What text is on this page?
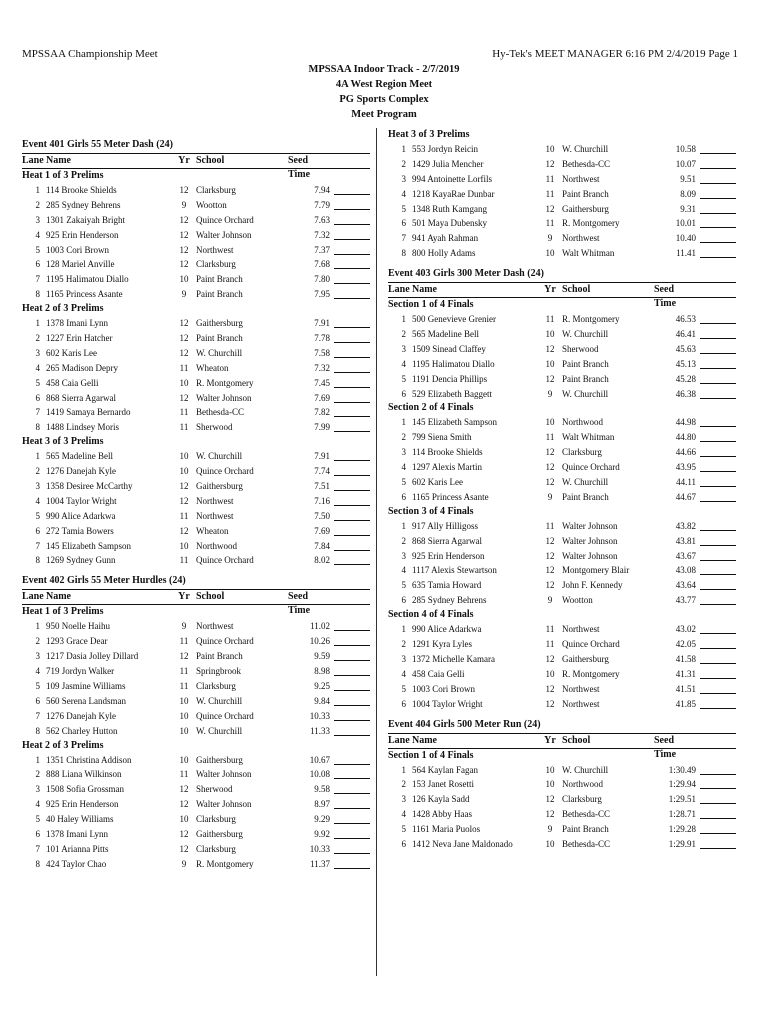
MPSSAA Championship Meet	Hy-Tek's MEET MANAGER 6:16 PM 2/4/2019 Page 1
MPSSAA Indoor Track - 2/7/2019
4A West Region Meet
PG Sports Complex
Meet Program
Event 401 Girls 55 Meter Dash (24)
Lane Name	Yr School	Seed Time
Heat 1 of 3 Prelims
1 114 Brooke Shields	12 Clarksburg	7.94
2 285 Sydney Behrens	9	Wootton	7.79
3 1301 Zakaiyah Bright	12 Quince Orchard	7.63
4 925 Erin Henderson	12 Walter Johnson	7.32
5 1003 Cori Brown	12 Northwest	7.37
6 128 Mariel Anville	12 Clarksburg	7.68
7 1195 Halimatou Diallo	10 Paint Branch	7.80
8 1165 Princess Asante	9	Paint Branch	7.95
Heat 2 of 3 Prelims
1 1378 Imani Lynn	12 Gaithersburg	7.91
2 1227 Erin Hatcher	12 Paint Branch	7.78
3 602 Karis Lee	12 W. Churchill	7.58
4 265 Madison Depry	11 Wheaton	7.32
5 458 Caia Gelli	10 R. Montgomery	7.45
6 868 Sierra Agarwal	12 Walter Johnson	7.69
7 1419 Samaya Bernardo	11 Bethesda-CC	7.82
8 1488 Lindsey Moris	11 Sherwood	7.99
Heat 3 of 3 Prelims
1 565 Madeline Bell	10 W. Churchill	7.91
2 1276 Danejah Kyle	10 Quince Orchard	7.74
3 1358 Desiree McCarthy	12 Gaithersburg	7.51
4 1004 Taylor Wright	12 Northwest	7.16
5 990 Alice Adarkwa	11 Northwest	7.50
6 272 Tamia Bowers	12 Wheaton	7.69
7 145 Elizabeth Sampson	10 Northwood	7.84
8 1269 Sydney Gunn	11 Quince Orchard	8.02
Event 402 Girls 55 Meter Hurdles (24)
Lane Name	Yr School	Seed Time
Heat 1 of 3 Prelims
1 950 Noelle Haihu	9	Northwest	11.02
2 1293 Grace Dear	11 Quince Orchard	10.26
3 1217 Dasia Jolley Dillard	12 Paint Branch	9.59
4 719 Jordyn Walker	11 Springbrook	8.98
5 109 Jasmine Williams	11 Clarksburg	9.25
6 560 Serena Landsman	10 W. Churchill	9.84
7 1276 Danejah Kyle	10 Quince Orchard	10.33
8 562 Charley Hutton	10 W. Churchill	11.33
Heat 2 of 3 Prelims
1 1351 Christina Addison	10 Gaithersburg	10.67
2 888 Liana Wilkinson	11 Walter Johnson	10.08
3 1508 Sofia Grossman	12 Sherwood	9.58
4 925 Erin Henderson	12 Walter Johnson	8.97
5 40 Haley Williams	10 Clarksburg	9.29
6 1378 Imani Lynn	12 Gaithersburg	9.92
7 101 Arianna Pitts	12 Clarksburg	10.33
8 424 Taylor Chao	9	R. Montgomery	11.37
Heat 3 of 3 Prelims
1 553 Jordyn Reicin	10 W. Churchill	10.58
2 1429 Julia Mencher	12 Bethesda-CC	10.07
3 994 Antoinette Lorfils	11 Northwest	9.51
4 1218 KayaRae Dunbar	11 Paint Branch	8.09
5 1348 Ruth Kamgang	12 Gaithersburg	9.31
6 501 Maya Dubensky	11 R. Montgomery	10.01
7 941 Ayah Rahman	9	Northwest	10.40
8 800 Holly Adams	10 Walt Whitman	11.41
Event 403 Girls 300 Meter Dash (24)
Lane Name	Yr School	Seed Time
Section 1 of 4 Finals
1 500 Genevieve Grenier	11 R. Montgomery	46.53
2 565 Madeline Bell	10 W. Churchill	46.41
3 1509 Sinead Claffey	12 Sherwood	45.63
4 1195 Halimatou Diallo	10 Paint Branch	45.13
5 1191 Dencia Phillips	12 Paint Branch	45.28
6 529 Elizabeth Baggett	9	W. Churchill	46.38
Section 2 of 4 Finals
1 145 Elizabeth Sampson	10 Northwood	44.98
2 799 Siena Smith	11 Walt Whitman	44.80
3 114 Brooke Shields	12 Clarksburg	44.66
4 1297 Alexis Martin	12 Quince Orchard	43.95
5 602 Karis Lee	12 W. Churchill	44.11
6 1165 Princess Asante	9	Paint Branch	44.67
Section 3 of 4 Finals
1 917 Ally Hilligoss	11 Walter Johnson	43.82
2 868 Sierra Agarwal	12 Walter Johnson	43.81
3 925 Erin Henderson	12 Walter Johnson	43.67
4 1117 Alexis Stewartson	12 Montgomery Blair	43.08
5 635 Tamia Howard	12 John F. Kennedy	43.64
6 285 Sydney Behrens	9	Wootton	43.77
Section 4 of 4 Finals
1 990 Alice Adarkwa	11 Northwest	43.02
2 1291 Kyra Lyles	11 Quince Orchard	42.05
3 1372 Michelle Kamara	12 Gaithersburg	41.58
4 458 Caia Gelli	10 R. Montgomery	41.31
5 1003 Cori Brown	12 Northwest	41.51
6 1004 Taylor Wright	12 Northwest	41.85
Event 404 Girls 500 Meter Run (24)
Lane Name	Yr School	Seed Time
Section 1 of 4 Finals
1 564 Kaylan Fagan	10 W. Churchill	1:30.49
2 153 Janet Rosetti	10 Northwood	1:29.94
3 126 Kayla Sadd	12 Clarksburg	1:29.51
4 1428 Abby Haas	12 Bethesda-CC	1:28.71
5 1161 Maria Puolos	9	Paint Branch	1:29.28
6 1412 Neva Jane Maldonado	10 Bethesda-CC	1:29.91
